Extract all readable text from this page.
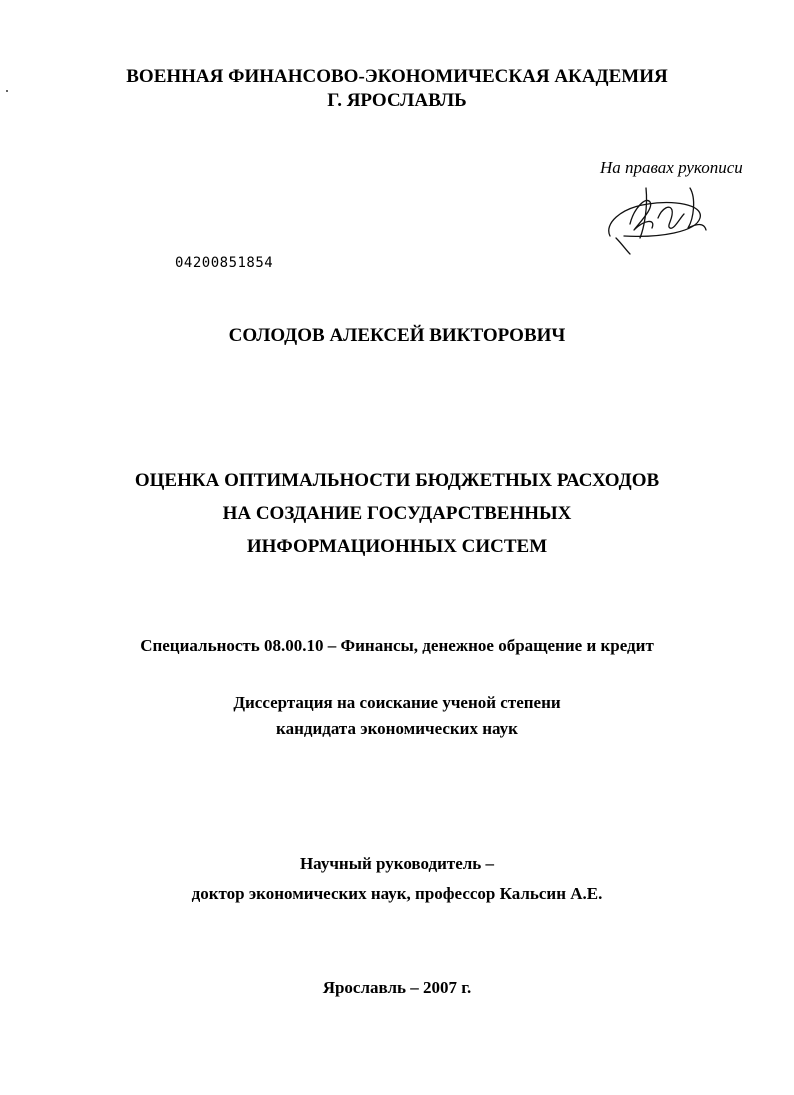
ВОЕННАЯ ФИНАНСОВО-ЭКОНОМИЧЕСКАЯ АКАДЕМИЯ
Г. ЯРОСЛАВЛЬ
На правах рукописи
04200851854
СОЛОДОВ АЛЕКСЕЙ ВИКТОРОВИЧ
ОЦЕНКА ОПТИМАЛЬНОСТИ БЮДЖЕТНЫХ РАСХОДОВ
НА СОЗДАНИЕ ГОСУДАРСТВЕННЫХ
ИНФОРМАЦИОННЫХ СИСТЕМ
Специальность 08.00.10 – Финансы, денежное обращение и кредит
Диссертация на соискание ученой степени
кандидата экономических наук
Научный руководитель –
доктор экономических наук, профессор Кальсин А.Е.
Ярославль – 2007 г.
